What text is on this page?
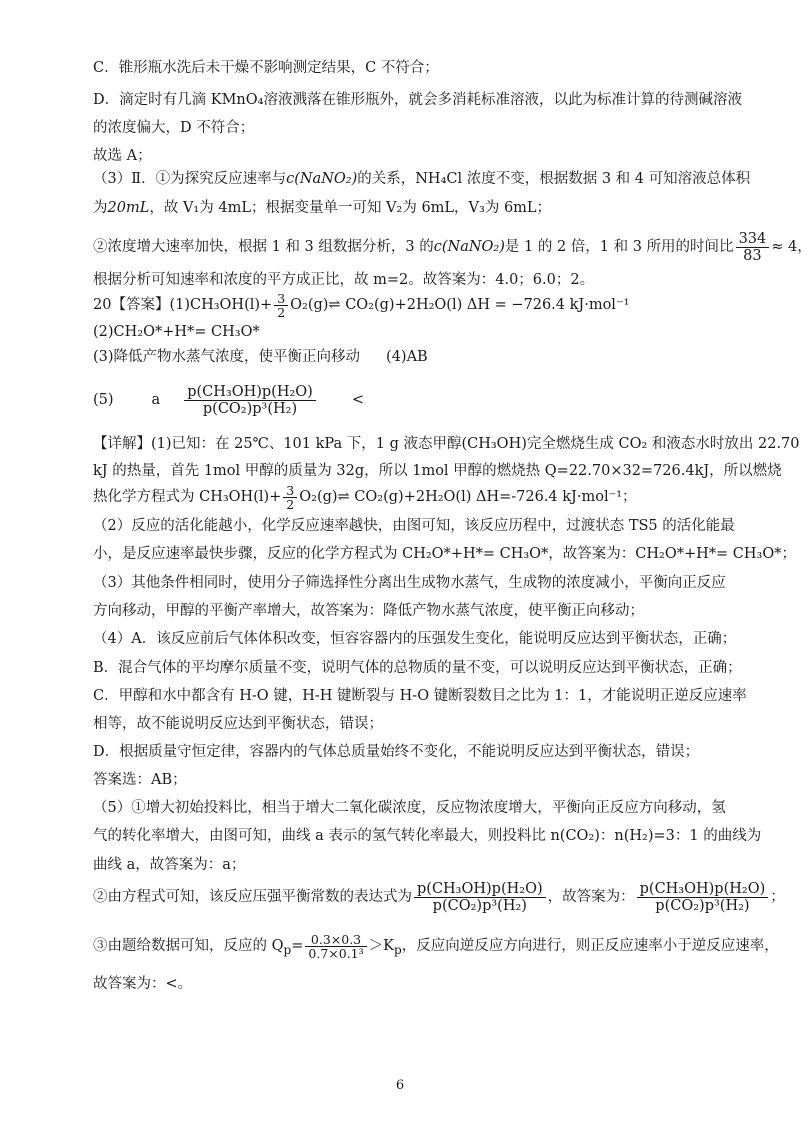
C．锥形瓶水洗后未干燥不影响测定结果，C 不符合；
D．滴定时有几滴 KMnO₄溶液溅落在锥形瓶外，就会多消耗标准溶液，以此为标准计算的待测碱溶液
的浓度偏大，D 不符合；
故选 A；
（3）Ⅱ．①为探究反应速率与c(NaNO₂)的关系，NH₄Cl 浓度不变，根据数据 3 和 4 可知溶液总体积
为20mL，故 V₁为 4mL；根据变量单一可知 V₂为 6mL，V₃为 6mL；
②浓度增大速率加快，根据 1 和 3 组数据分析，3 的c(NaNO₂)是 1 的 2 倍，1 和 3 所用的时间比 $\frac{334}{83} \approx 4$，
根据分析可知速率和浓度的平方成正比，故 m=2。故答案为：4.0；6.0；2。
20【答案】$(1)CH_3OH(l)+ \frac{3}{2}$ O₂(g)⇌ CO₂(g)+2H₂O(l) ΔH = −726.4 kJ·mol⁻¹
(2)CH₂O*+H*= CH₃O*
(3)降低产物水蒸气浓度，使平衡正向移动 (4)AB
(5)	a $\frac{\text{p(CH₃OH)p(H₂O)}}{\text{p(CO₂)p³(H₂)}}$ <
【详解】(1)已知：在 25℃、101 kPa 下，1 g 液态甲醇(CH₃OH)完全燃烧生成 CO₂ 和液态水时放出 22.70
kJ 的热量，首先 1mol 甲醇的质量为 32g，所以 1mol 甲醇的燃烧热 Q=22.70×32=726.4kJ，所以燃烧
热化学方程式为 $CH_3OH(l)+ \frac{3}{2}$ O₂(g)⇌ CO₂(g)+2H₂O(l) ΔH=-726.4 kJ·mol⁻¹；
（2）反应的活化能越小，化学反应速率越快，由图可知，该反应历程中，过渡状态 TS5 的活化能最
小，是反应速率最快步骤，反应的化学方程式为 CH₂O*+H*= CH₃O*，故答案为：CH₂O*+H*= CH₃O*；
（3）其他条件相同时，使用分子筛选择性分离出生成物水蒸气，生成物的浓度减小，平衡向正反应
方向移动，甲醇的平衡产率增大，故答案为：降低产物水蒸气浓度，使平衡正向移动；
（4）A．该反应前后气体体积改变，恒容容器内的压强发生变化，能说明反应达到平衡状态，正确；
B．混合气体的平均摩尔质量不变，说明气体的总物质的量不变，可以说明反应达到平衡状态，正确；
C．甲醇和水中都含有 H-O 键，H-H 键断裂与 H-O 键断裂数目之比为 1：1，才能说明正逆反应速率
相等，故不能说明反应达到平衡状态，错误；
D．根据质量守恒定律，容器内的气体总质量始终不变化，不能说明反应达到平衡状态，错误；
答案选：AB；
（5）①增大初始投料比，相当于增大二氧化碳浓度，反应物浓度增大，平衡向正反应方向移动，氢
气的转化率增大，由图可知，曲线 a 表示的氢气转化率最大，则投料比 n(CO₂)：n(H₂)=3：1 的曲线为
曲线 a，故答案为：a；
②由方程式可知，该反应压强平衡常数的表达式为 $\frac{\text{p(CH₃OH)p(H₂O)}}{\text{p(CO₂)p³(H₂)}}$ ，故答案为： $\frac{\text{p(CH₃OH)p(H₂O)}}{\text{p(CO₂)p³(H₂)}}$ ；
③由题给数据可知，反应的 $Q_p= \frac{0.3\times 0.3}{\text{0.7×0.1³}} >K_p$，反应向逆反应方向进行，则正反应速率小于逆反应速率，
故答案为：<。
6
